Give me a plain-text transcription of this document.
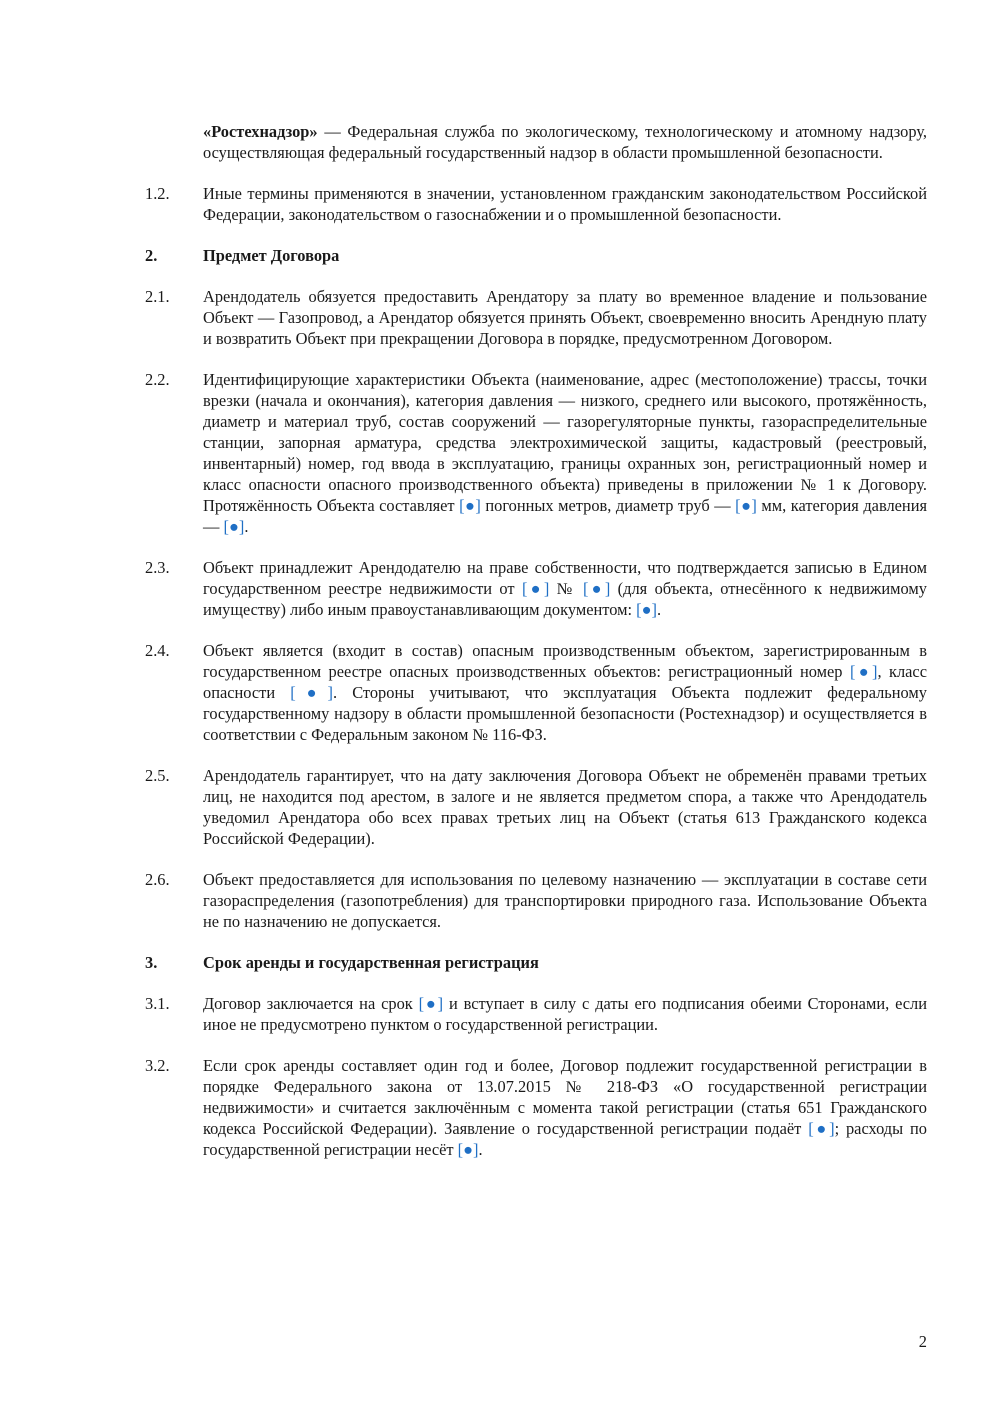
«Ростехнадзор» — Федеральная служба по экологическому, технологическому и атомному надзору, осуществляющая федеральный государственный надзор в области промышленной безопасности.

1.2. Иные термины применяются в значении, установленном гражданским законодательством Российской Федерации, законодательством о газоснабжении и о промышленной безопасности.

2.	Предмет Договора

2.1. Арендодатель обязуется предоставить Арендатору за плату во временное владение и пользование Объект — Газопровод, а Арендатор обязуется принять Объект, своевременно вносить Арендную плату и возвратить Объект при прекращении Договора в порядке, предусмотренном Договором.

2.2. Идентифицирующие характеристики Объекта (наименование, адрес (местоположение) трассы, точки врезки (начала и окончания), категория давления — низкого, среднего или высокого, протяжённость, диаметр и материал труб, состав сооружений — газорегуляторные пункты, газораспределительные станции, запорная арматура, средства электрохимической защиты, кадастровый (реестровый, инвентарный) номер, год ввода в эксплуатацию, границы охранных зон, регистрационный номер и класс опасности опасного производственного объекта) приведены в приложении № 1 к Договору. Протяжённость Объекта составляет [●] погонных метров, диаметр труб — [●] мм, категория давления — [●].

2.3. Объект принадлежит Арендодателю на праве собственности, что подтверждается записью в Едином государственном реестре недвижимости от [●] № [●] (для объекта, отнесённого к недвижимому имуществу) либо иным правоустанавливающим документом: [●].

2.4. Объект является (входит в состав) опасным производственным объектом, зарегистрированным в государственном реестре опасных производственных объектов: регистрационный номер [●], класс опасности [●]. Стороны учитывают, что эксплуатация Объекта подлежит федеральному государственному надзору в области промышленной безопасности (Ростехнадзор) и осуществляется в соответствии с Федеральным законом № 116-ФЗ.

2.5. Арендодатель гарантирует, что на дату заключения Договора Объект не обременён правами третьих лиц, не находится под арестом, в залоге и не является предметом спора, а также что Арендодатель уведомил Арендатора обо всех правах третьих лиц на Объект (статья 613 Гражданского кодекса Российской Федерации).

2.6. Объект предоставляется для использования по целевому назначению — эксплуатации в составе сети газораспределения (газопотребления) для транспортировки природного газа. Использование Объекта не по назначению не допускается.

3.	Срок аренды и государственная регистрация

3.1. Договор заключается на срок [●] и вступает в силу с даты его подписания обеими Сторонами, если иное не предусмотрено пунктом о государственной регистрации.

3.2. Если срок аренды составляет один год и более, Договор подлежит государственной регистрации в порядке Федерального закона от 13.07.2015 № 218-ФЗ «О государственной регистрации недвижимости» и считается заключённым с момента такой регистрации (статья 651 Гражданского кодекса Российской Федерации). Заявление о государственной регистрации подаёт [●]; расходы по государственной регистрации несёт [●].

2
